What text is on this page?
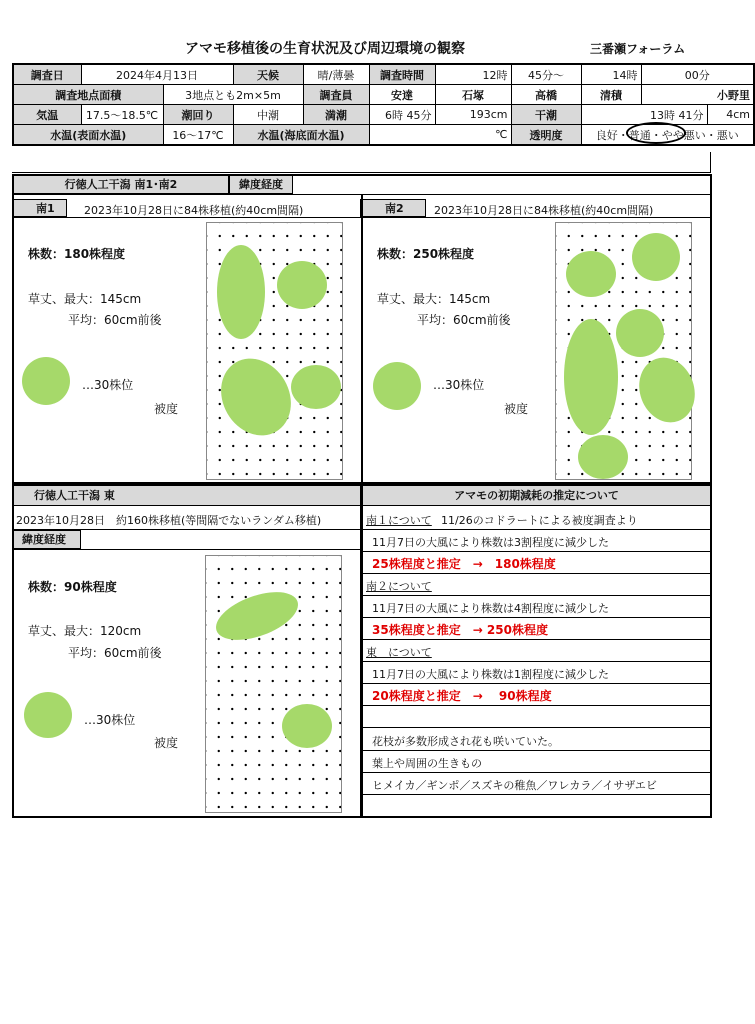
アマモ移植後の生育状況及び周辺環境の観察	三番瀬フォーラム
調査日	2024年4月13日		天候	晴/薄曇	調査時間	12時	45分～	14時	00分	
調査地点面積		3地点とも2m×5m		調査員	安達	石塚	高橋	清積	小野里	
気温	17.5～18.5℃	潮回り	中潮	満潮	6時 45分	193cm	干潮	13時 41分		4cm
水温(表面水温)		16～17℃	水温(海底面水温)		℃		透明度	良好・普通・やや悪い・悪い		
行徳人工干潟 南1･南2	緯度経度
南1	2023年10月28日に84株移植(約40cm間隔)
株数：180株程度
草丈、最大：145cm
平均：60cm前後
…30株位
被度
南2	2023年10月28日に84株移植(約40cm間隔)
株数：250株程度
草丈、最大：145cm
平均：60cm前後
…30株位
被度
行徳人工干潟 東
2023年10月28日　約160株移植(等間隔でないランダム移植)
緯度経度
株数：90株程度
草丈、最大：120cm
平均：60cm前後
…30株位
被度
アマモの初期減耗の推定について
南１について 11/26のコドラートによる被度調査より
11月7日の大風により株数は3割程度に減少した
25株程度と推定　→　180株程度
南２について
11月7日の大風により株数は4割程度に減少した
35株程度と推定　→ 250株程度
東　について
11月7日の大風により株数は1割程度に減少した
20株程度と推定　→　 90株程度
花枝が多数形成され花も咲いていた。
葉上や周囲の生きもの
ヒメイカ／ギンポ／スズキの稚魚／ワレカラ／イサザエビ
